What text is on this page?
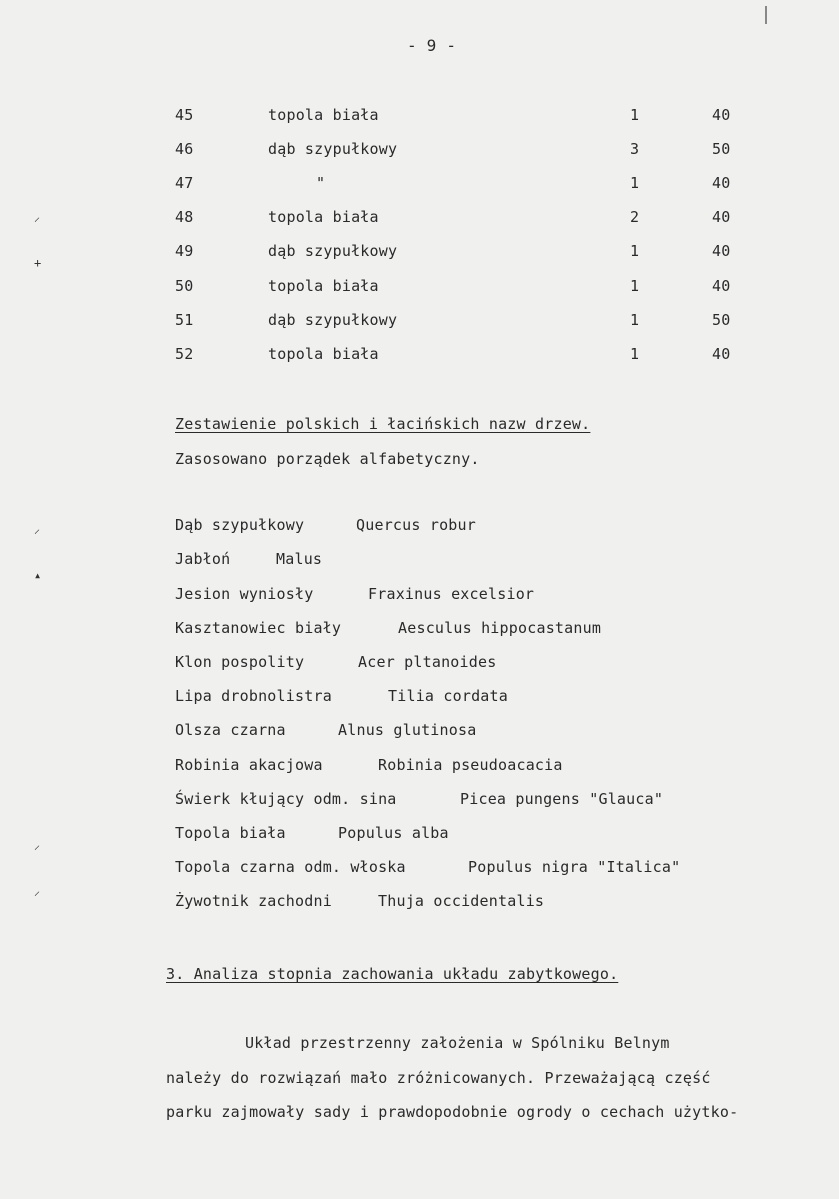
- 9 -
45	topola biała	1	40
46	dąb szypułkowy	3	50
47	"	1	40
48	topola biała	2	40
49	dąb szypułkowy	1	40
50	topola biała	1	40
51	dąb szypułkowy	1	50
52	topola biała	1	40
⸝
+
⸝
▴
⸝
⸝
Zestawienie polskich i łacińskich nazw drzew.
Zasosowano porządek alfabetyczny.
Dąb szypułkowy	Quercus robur
Jabłoń	Malus
Jesion wyniosły	Fraxinus excelsior
Kasztanowiec biały	Aesculus hippocastanum
Klon pospolity	Acer pltanoides
Lipa drobnolistra	Tilia cordata
Olsza czarna	Alnus glutinosa
Robinia akacjowa	Robinia pseudoacacia
Świerk kłujący odm. sina	Picea pungens "Glauca"
Topola biała	Populus alba
Topola czarna odm. włoska	Populus nigra "Italica"
Żywotnik zachodni	Thuja occidentalis
3. Analiza stopnia zachowania układu zabytkowego.
Układ przestrzenny założenia w Spólniku Belnym
należy do rozwiązań mało zróżnicowanych. Przeważającą część
parku zajmowały sady i prawdopodobnie ogrody o cechach użytko-
